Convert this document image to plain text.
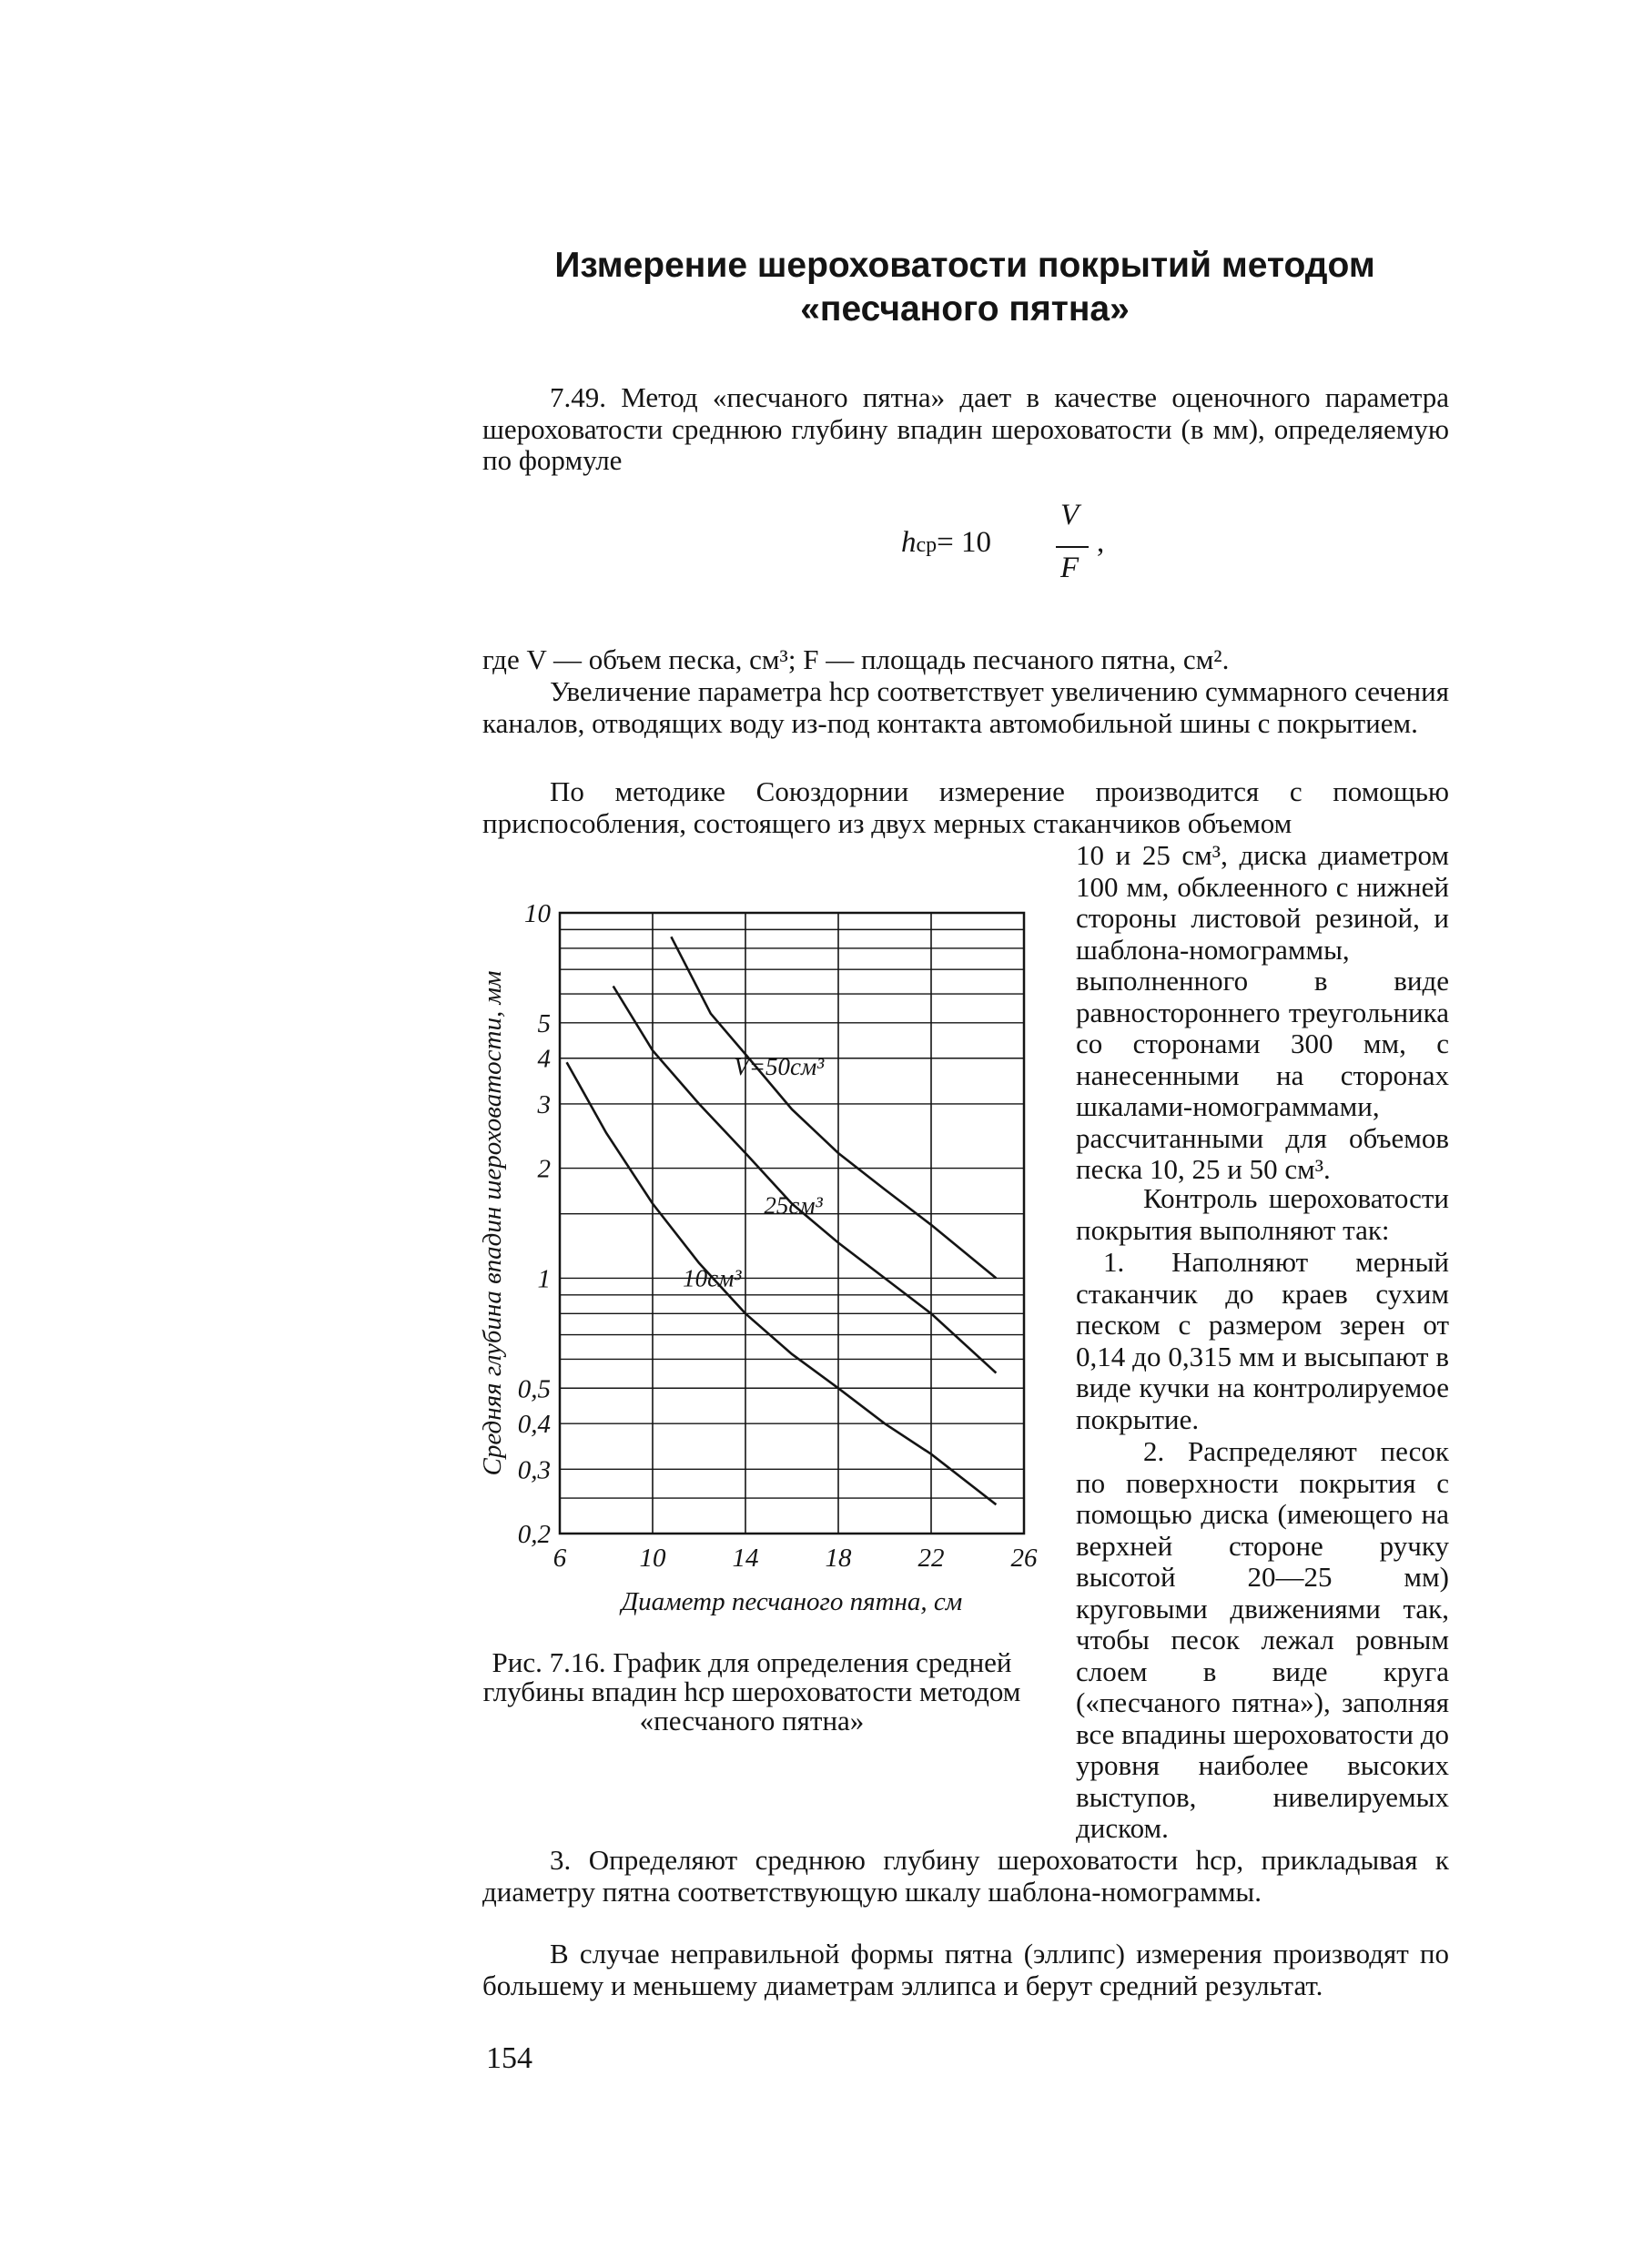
Измерение шероховатости покрытий методом
«песчаного пятна»

7.49. Метод «песчаного пятна» дает в качестве оценочного параметра шероховатости среднюю глубину впадин шероховатости (в мм), определяемую по формуле

hср= 10
V
F
,

где V — объем песка, см³; F — площадь песчаного пятна, см².

Увеличение параметра hср соответствует увеличению суммарного сечения каналов, отводящих воду из-под контакта автомобильной шины с покрытием.

По методике Союздорнии измерение производится с помощью приспособления, состоящего из двух мерных стаканчиков объемом

10 и 25 см³, диска диаметром 100 мм, обклеенного с нижней стороны листовой резиной, и шаблона-номограммы, выполненного в виде равностороннего треугольника со сторонами 300 мм, с нанесенными на сторонах шкалами-номограммами, рассчитанными для объемов песка 10, 25 и 50 см³.

Контроль шероховатости покрытия выполняют так:

1. Наполняют мерный стаканчик до краев сухим песком с размером зерен от 0,14 до 0,315 мм и высыпают в виде кучки на контролируемое покрытие.

2. Распределяют песок по поверхности покрытия с помощью диска (имеющего на верхней стороне ручку высотой 20—25 мм) круговыми движениями так, чтобы песок лежал ровным слоем в виде круга («песчаного пятна»), заполняя все впадины шероховатости до уровня наиболее высоких выступов, нивелируемых диском.

3. Определяют среднюю глубину шероховатости hср, прикладывая к диаметру пятна соответствующую шкалу шаблона-номограммы.

В случае неправильной формы пятна (эллипс) измерения производят по большему и меньшему диаметрам эллипса и берут средний результат.

6	10	14	18	22	26
10
5
4
3
2
1
0,5
0,4
0,3
0,2
V=50см³
25см³
10см³
Диаметр песчаного пятна, см
Средняя глубина впадин шероховатости, мм
Рис. 7.16. График для определения средней глубины впадин hср шероховатости методом «песчаного пятна»
154
